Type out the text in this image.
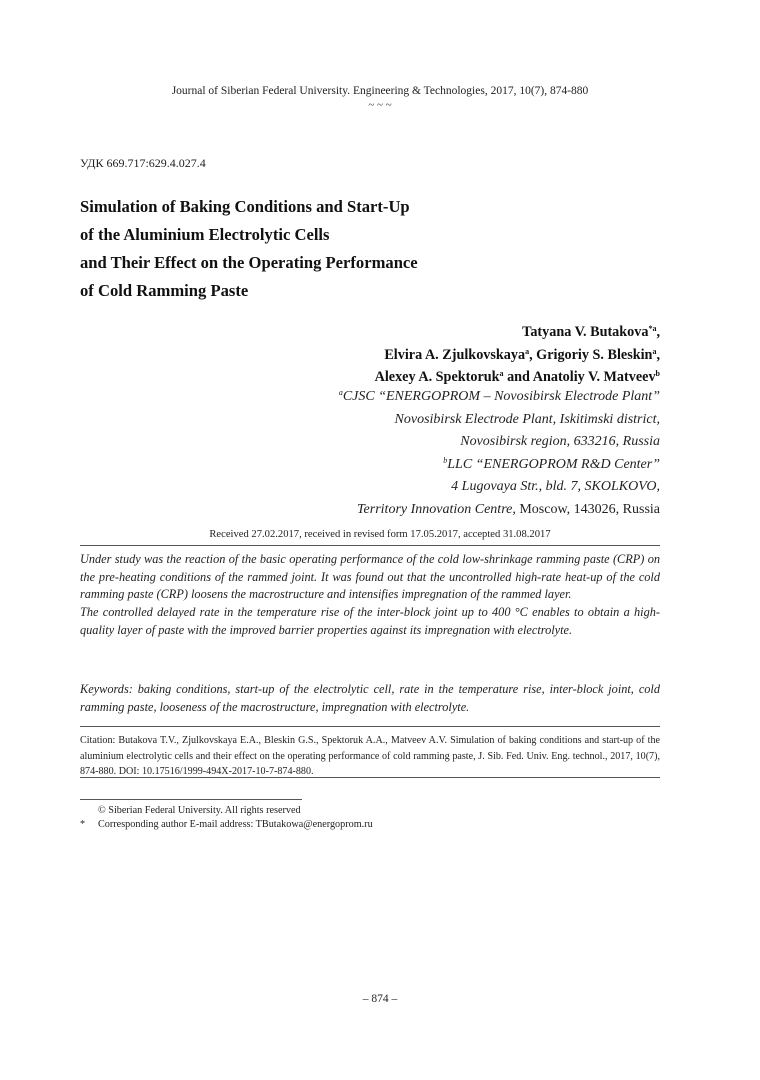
Journal of Siberian Federal University. Engineering & Technologies, 2017, 10(7), 874-880
~ ~ ~
УДК 669.717:629.4.027.4
Simulation of Baking Conditions and Start-Up
of the Aluminium Electrolytic Cells
and Their Effect on the Operating Performance
of Cold Ramming Paste
Tatyana V. Butakova$^{*a}$,
Elvira A. Zjulkovskaya$^a$, Grigoriy S. Bleskin$^a$,
Alexey A. Spektoruk$^a$ and Anatoliy V. Matveev$^b$
$^a$CJSC “ENERGOPROM – Novosibirsk Electrode Plant”
Novosibirsk Electrode Plant, Iskitimski district,
Novosibirsk region, 633216, Russia
$^b$LLC “ENERGOPROM R&D Center”
4 Lugovaya Str., bld. 7, SKOLKOVO,
Territory Innovation Centre, Moscow, 143026, Russia
Received 27.02.2017, received in revised form 17.05.2017, accepted 31.08.2017

Under study was the reaction of the basic operating performance of the cold low-shrinkage ramming paste (CRP) on the pre-heating conditions of the rammed joint. It was found out that the uncontrolled high-rate heat-up of the cold ramming paste (CRP) loosens the macrostructure and intensifies impregnation of the rammed layer.

The controlled delayed rate in the temperature rise of the inter-block joint up to 400 °C enables to obtain a high-quality layer of paste with the improved barrier properties against its impregnation with electrolyte.

Keywords: baking conditions, start-up of the electrolytic cell, rate in the temperature rise, inter-block joint, cold ramming paste, looseness of the macrostructure, impregnation with electrolyte.
Citation: Butakova T.V., Zjulkovskaya E.A., Bleskin G.S., Spektoruk A.A., Matveev A.V. Simulation of baking conditions and start-up of the aluminium electrolytic cells and their effect on the operating performance of cold ramming paste, J. Sib. Fed. Univ. Eng. technol., 2017, 10(7), 874-880. DOI: 10.17516/1999-494X-2017-10-7-874-880.
© Siberian Federal University. All rights reserved
*	Corresponding author E-mail address: TButakowa@energoprom.ru
– 874 –
